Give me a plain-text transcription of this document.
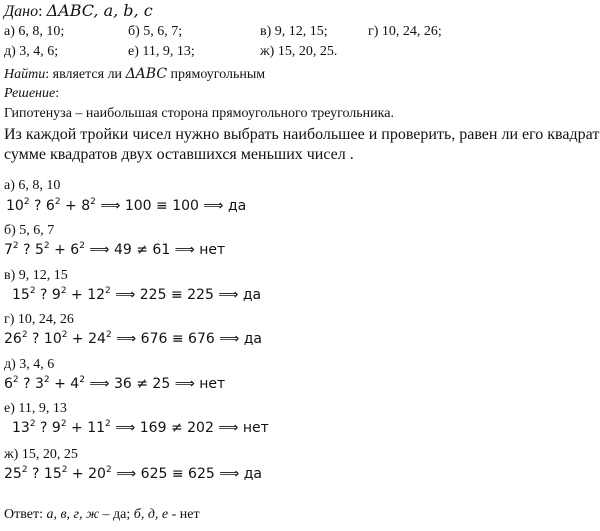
Дано: ΔABC, a, b, c
а) 6, 8, 10;	б) 5, 6, 7;	в) 9, 12, 15;	г) 10, 24, 26;
д) 3, 4, 6;	е) 11, 9, 13;	ж) 15, 20, 25.
Найти: является ли ΔABC прямоугольным
Решение:
Гипотенуза – наибольшая сторона прямоугольного треугольника.
Из каждой тройки чисел нужно выбрать наибольшее и проверить, равен ли его квадрат
сумме квадратов двух оставшихся меньших чисел .
а) 6, 8, 10
$10^2$ ? $6^2 + 8^2$ ⟹ 100 ≡ 100 ⟹ да
б) 5, 6, 7
$7^2$ ? $5^2 + 6^2$ ⟹ 49 ≠ 61 ⟹ нет
в) 9, 12, 15
$15^2$ ? $9^2 + 12^2$ ⟹ 225 ≡ 225 ⟹ да
г) 10, 24, 26
$26^2$ ? $10^2 + 24^2$ ⟹ 676 ≡ 676 ⟹ да
д) 3, 4, 6
$6^2$ ? $3^2 + 4^2$ ⟹ 36 ≠ 25 ⟹ нет
е) 11, 9, 13
$13^2$ ? $9^2 + 11^2$ ⟹ 169 ≠ 202 ⟹ нет
ж) 15, 20, 25
$25^2$ ? $15^2 + 20^2$ ⟹ 625 ≡ 625 ⟹ да
Ответ: а, в, г, ж – да; б, д, е - нет
